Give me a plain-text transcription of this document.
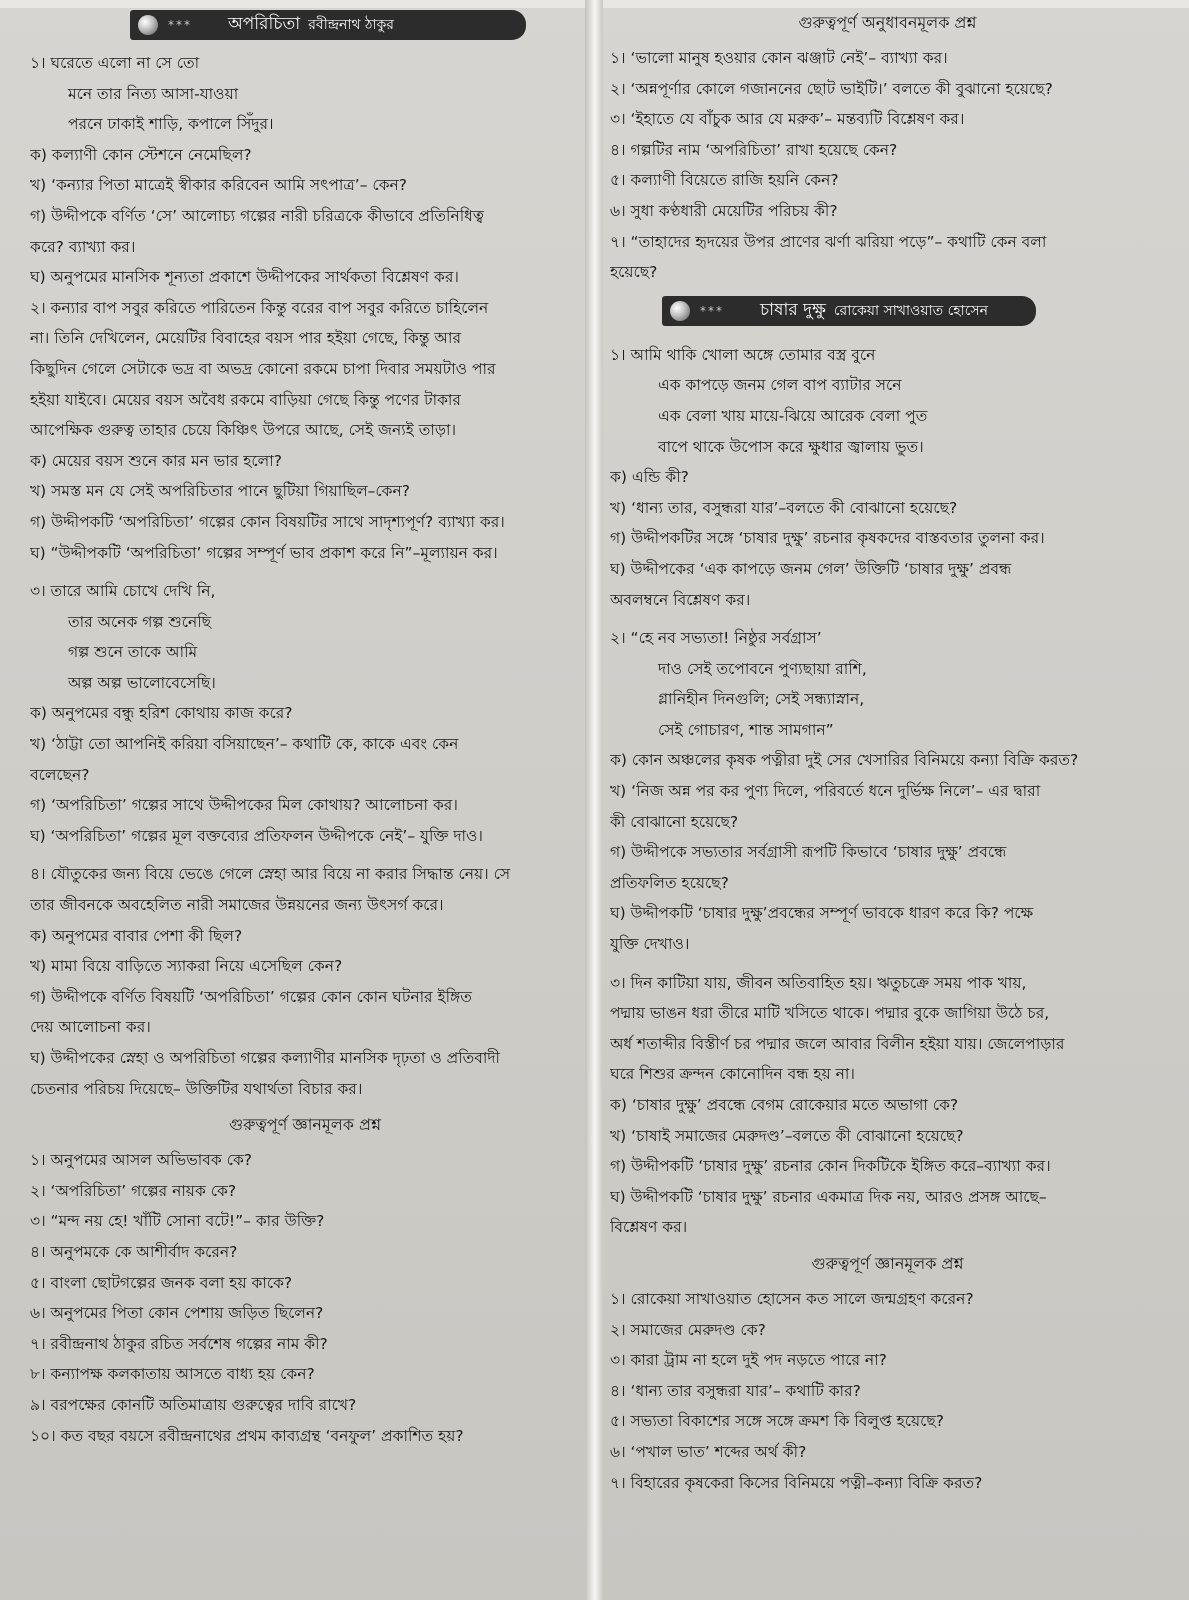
***	অপরিচিতা রবীন্দ্রনাথ ঠাকুর
১। ঘরেতে এলো না সে তো
মনে তার নিত্য আসা-যাওয়া
পরনে ঢাকাই শাড়ি, কপালে সিঁদুর।
ক) কল্যাণী কোন স্টেশনে নেমেছিল?
খ) ‘কন্যার পিতা মাত্রেই স্বীকার করিবেন আমি সৎপাত্র’– কেন?
গ) উদ্দীপকে বর্ণিত ‘সে’ আলোচ্য গল্পের নারী চরিত্রকে কীভাবে প্রতিনিধিত্ব
করে? ব্যাখ্যা কর।
ঘ) অনুপমের মানসিক শূন্যতা প্রকাশে উদ্দীপকের সার্থকতা বিশ্লেষণ কর।
২। কন্যার বাপ সবুর করিতে পারিতেন কিন্তু বরের বাপ সবুর করিতে চাহিলেন
না। তিনি দেখিলেন, মেয়েটির বিবাহের বয়স পার হইয়া গেছে, কিন্তু আর
কিছুদিন গেলে সেটাকে ভদ্র বা অভদ্র কোনো রকমে চাপা দিবার সময়টাও পার
হইয়া যাইবে। মেয়ের বয়স অবৈধ রকমে বাড়িয়া গেছে কিন্তু পণের টাকার
আপেক্ষিক গুরুত্ব তাহার চেয়ে কিঞ্চিৎ উপরে আছে, সেই জন্যই তাড়া।
ক) মেয়ের বয়স শুনে কার মন ভার হলো?
খ) সমস্ত মন যে সেই অপরিচিতার পানে ছুটিয়া গিয়াছিল–কেন?
গ) উদ্দীপকটি ‘অপরিচিতা’ গল্পের কোন বিষয়টির সাথে সাদৃশ্যপূর্ণ? ব্যাখ্যা কর।
ঘ) “উদ্দীপকটি ‘অপরিচিতা’ গল্পের সম্পূর্ণ ভাব প্রকাশ করে নি”–মূল্যায়ন কর।
৩। তারে আমি চোখে দেখি নি,
তার অনেক গল্প শুনেছি
গল্প শুনে তাকে আমি
অল্প অল্প ভালোবেসেছি।
ক) অনুপমের বন্ধু হরিশ কোথায় কাজ করে?
খ) ‘ঠাট্টা তো আপনিই করিয়া বসিয়াছেন’– কথাটি কে, কাকে এবং কেন
বলেছেন?
গ) ‘অপরিচিতা’ গল্পের সাথে উদ্দীপকের মিল কোথায়? আলোচনা কর।
ঘ) ‘অপরিচিতা’ গল্পের মূল বক্তব্যের প্রতিফলন উদ্দীপকে নেই’– যুক্তি দাও।
৪। যৌতুকের জন্য বিয়ে ভেঙে গেলে স্নেহা আর বিয়ে না করার সিদ্ধান্ত নেয়। সে
তার জীবনকে অবহেলিত নারী সমাজের উন্নয়নের জন্য উৎসর্গ করে।
ক) অনুপমের বাবার পেশা কী ছিল?
খ) মামা বিয়ে বাড়িতে স্যাকরা নিয়ে এসেছিল কেন?
গ) উদ্দীপকে বর্ণিত বিষয়টি ‘অপরিচিতা’ গল্পের কোন কোন ঘটনার ইঙ্গিত
দেয় আলোচনা কর।
ঘ) উদ্দীপকের স্নেহা ও অপরিচিতা গল্পের কল্যাণীর মানসিক দৃঢ়তা ও প্রতিবাদী
চেতনার পরিচয় দিয়েছে– উক্তিটির যথার্থতা বিচার কর।
গুরুত্বপূর্ণ জ্ঞানমূলক প্রশ্ন
১। অনুপমের আসল অভিভাবক কে?
২। ‘অপরিচিতা’ গল্পের নায়ক কে?
৩। “মন্দ নয় হে! খাঁটি সোনা বটে!”– কার উক্তি?
৪। অনুপমকে কে আশীর্বাদ করেন?
৫। বাংলা ছোটগল্পের জনক বলা হয় কাকে?
৬। অনুপমের পিতা কোন পেশায় জড়িত ছিলেন?
৭। রবীন্দ্রনাথ ঠাকুর রচিত সর্বশেষ গল্পের নাম কী?
৮। কন্যাপক্ষ কলকাতায় আসতে বাধ্য হয় কেন?
৯। বরপক্ষের কোনটি অতিমাত্রায় গুরুত্বের দাবি রাখে?
১০। কত বছর বয়সে রবীন্দ্রনাথের প্রথম কাব্যগ্রন্থ ‘বনফুল’ প্রকাশিত হয়?
গুরুত্বপূর্ণ অনুধাবনমূলক প্রশ্ন
১। ‘ভালো মানুষ হওয়ার কোন ঝঞ্জাট নেই’– ব্যাখ্যা কর।
২। ‘অন্নপূর্ণার কোলে গজাননের ছোট ভাইটি।’ বলতে কী বুঝানো হয়েছে?
৩। ‘ইহাতে যে বাঁচুক আর যে মরুক’– মন্তব্যটি বিশ্লেষণ কর।
৪। গল্পটির নাম ‘অপরিচিতা’ রাখা হয়েছে কেন?
৫। কল্যাণী বিয়েতে রাজি হয়নি কেন?
৬। সুধা কণ্ঠধারী মেয়েটির পরিচয় কী?
৭। “তাহাদের হৃদয়ের উপর প্রাণের ঝর্ণা ঝরিয়া পড়ে”– কথাটি কেন বলা
হয়েছে?
***	চাষার দুক্ষু রোকেয়া সাখাওয়াত হোসেন
১। আমি থাকি খোলা অঙ্গে তোমার বস্ত্র বুনে
এক কাপড়ে জনম গেল বাপ ব্যাটার সনে
এক বেলা খায় মায়ে-ঝিয়ে আরেক বেলা পুত
বাপে থাকে উপোস করে ক্ষুধার জ্বালায় ভুত।
ক) এন্ডি কী?
খ) ‘ধান্য তার, বসুন্ধরা যার’–বলতে কী বোঝানো হয়েছে?
গ) উদ্দীপকটির সঙ্গে ‘চাষার দুক্ষু’ রচনার কৃষকদের বাস্তবতার তুলনা কর।
ঘ) উদ্দীপকের ‘এক কাপড়ে জনম গেল’ উক্তিটি ‘চাষার দুক্ষু’ প্রবন্ধ
অবলম্বনে বিশ্লেষণ কর।
২। “হে নব সভ্যতা! নিষ্ঠুর সর্বগ্রাস’
দাও সেই তপোবনে পুণ্যছায়া রাশি,
গ্লানিহীন দিনগুলি; সেই সন্ধ্যাস্নান,
সেই গোচারণ, শান্ত সামগান”
ক) কোন অঞ্চলের কৃষক পত্নীরা দুই সের খেসারির বিনিময়ে কন্যা বিক্রি করত?
খ) ‘নিজ অন্ন পর কর পুণ্য দিলে, পরিবর্তে ধনে দুর্ভিক্ষ নিলে’– এর দ্বারা
কী বোঝানো হয়েছে?
গ) উদ্দীপকে সভ্যতার সর্বগ্রাসী রূপটি কিভাবে ‘চাষার দুক্ষু’ প্রবন্ধে
প্রতিফলিত হয়েছে?
ঘ) উদ্দীপকটি ‘চাষার দুক্ষু’প্রবন্ধের সম্পূর্ণ ভাবকে ধারণ করে কি? পক্ষে
যুক্তি দেখাও।
৩। দিন কাটিয়া যায়, জীবন অতিবাহিত হয়। ঋতুচক্রে সময় পাক খায়,
পদ্মায় ভাঙন ধরা তীরে মাটি খসিতে থাকে। পদ্মার বুকে জাগিয়া উঠে চর,
অর্ধ শতাব্দীর বিস্তীর্ণ চর পদ্মার জলে আবার বিলীন হইয়া যায়। জেলেপাড়ার
ঘরে শিশুর ক্রন্দন কোনোদিন বন্ধ হয় না।
ক) ‘চাষার দুক্ষু’ প্রবন্ধে বেগম রোকেয়ার মতে অভাগা কে?
খ) ‘চাষাই সমাজের মেরুদণ্ড’–বলতে কী বোঝানো হয়েছে?
গ) উদ্দীপকটি ‘চাষার দুক্ষু’ রচনার কোন দিকটিকে ইঙ্গিত করে–ব্যাখ্যা কর।
ঘ) উদ্দীপকটি ‘চাষার দুক্ষু’ রচনার একমাত্র দিক নয়, আরও প্রসঙ্গ আছে–
বিশ্লেষণ কর।
গুরুত্বপূর্ণ জ্ঞানমূলক প্রশ্ন
১। রোকেয়া সাখাওয়াত হোসেন কত সালে জন্মগ্রহণ করেন?
২। সমাজের মেরুদণ্ড কে?
৩। কারা ট্রাম না হলে দুই পদ নড়তে পারে না?
৪। ‘ধান্য তার বসুন্ধরা যার’– কথাটি কার?
৫। সভ্যতা বিকাশের সঙ্গে সঙ্গে ক্রমশ কি বিলুপ্ত হয়েছে?
৬। ‘পখাল ভাত’ শব্দের অর্থ কী?
৭। বিহারের কৃষকেরা কিসের বিনিময়ে পত্নী–কন্যা বিক্রি করত?
